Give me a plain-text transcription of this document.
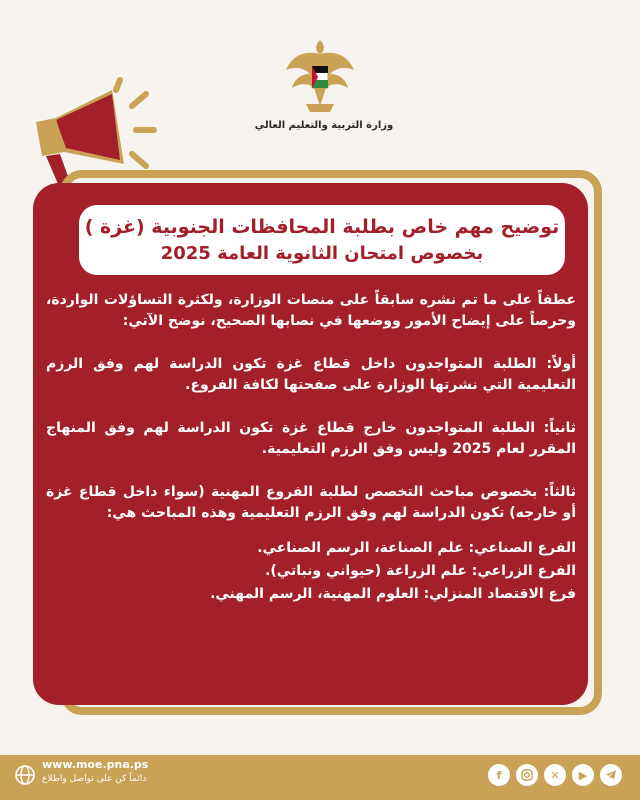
وزارة التربية والتعليم العالي
توضيح مهم خاص بطلبة المحافظات الجنوبية (غزة )
بخصوص امتحان الثانوية العامة 2025
عطفاً على ما تم نشره سابقاً على منصات الوزارة، ولكثرة التساؤلات الواردة، وحرصاً على إيضاح الأمور ووضعها في نصابها الصحيح، نوضح الآتي:
أولاً: الطلبة المتواجدون داخل قطاع غزة تكون الدراسة لهم وفق الرزم التعليمية التي نشرتها الوزارة على صفحتها لكافة الفروع.
ثانياً: الطلبة المتواجدون خارج قطاع غزة تكون الدراسة لهم وفق المنهاج المقرر لعام 2025 وليس وفق الرزم التعليمية.
ثالثاً: بخصوص مباحث التخصص لطلبة الفروع المهنية (سواء داخل قطاع غزة أو خارجه) تكون الدراسة لهم وفق الرزم التعليمية وهذه المباحث هي:
الفرع الصناعي: علم الصناعة، الرسم الصناعي.
الفرع الزراعي: علم الزراعة (حيواني ونباتي).
فرع الاقتصاد المنزلي: العلوم المهنية، الرسم المهني.
www.moe.pna.ps
دائماً كن على تواصل واطلاع	f	✕	▶
